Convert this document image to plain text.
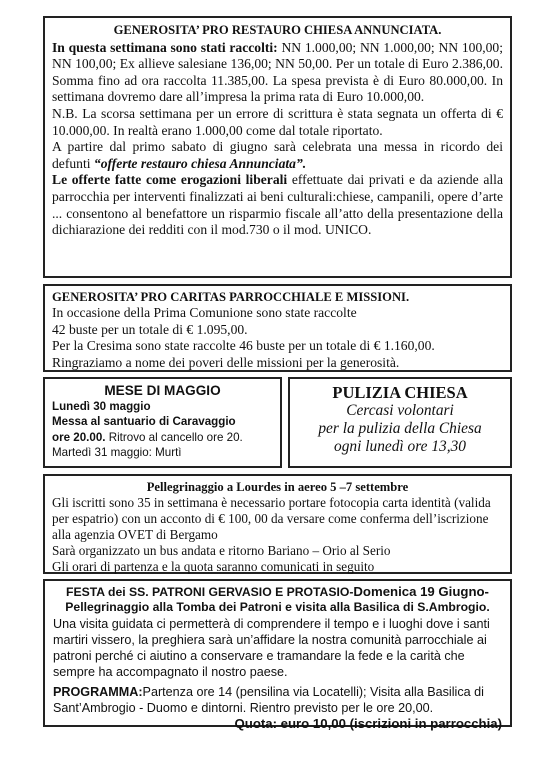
GENEROSITA’ PRO RESTAURO CHIESA ANNUNCIATA.

In questa settimana sono stati raccolti: NN 1.000,00; NN 1.000,00; NN 100,00; NN 100,00; Ex allieve salesiane 136,00; NN 50,00. Per un totale di Euro 2.386,00. Somma fino ad ora raccolta 11.385,00. La spesa prevista è di Euro 80.000,00. In settimana dovremo dare all’impresa la prima rata di Euro 10.000,00.

N.B. La scorsa settimana per un errore di scrittura è stata segnata un offerta di € 10.000,00. In realtà erano 1.000,00 come dal totale riportato.

A partire dal primo sabato di giugno sarà celebrata una messa in ricordo dei defunti “offerte restauro chiesa Annunciata”.

Le offerte fatte come erogazioni liberali effettuate dai privati e da aziende alla parrocchia per interventi finalizzati ai beni culturali:chiese, campanili, opere d’arte ... consentono al benefattore un risparmio fiscale all’atto della presentazione della dichiarazione dei redditi con il mod.730 o il mod. UNICO.

GENEROSITA’ PRO CARITAS PARROCCHIALE E MISSIONI.

In occasione della Prima Comunione sono state raccolte

42 buste per un totale di € 1.095,00.

Per la Cresima sono state raccolte 46 buste per un totale di € 1.160,00.

Ringraziamo a nome dei poveri delle missioni per la generosità.

MESE DI MAGGIO

Lunedì 30 maggio

Messa al santuario di Caravaggio

ore 20.00. Ritrovo al cancello ore 20.

Martedì 31 maggio: Murtì

PULIZIA CHIESA

Cercasi volontari

per la pulizia della Chiesa

ogni lunedì ore 13,30

Pellegrinaggio a Lourdes in aereo 5 –7 settembre

Gli iscritti sono 35 in settimana è necessario portare fotocopia carta identità (valida per espatrio) con un acconto di € 100, 00 da versare come conferma dell’iscrizione alla agenzia OVET di Bergamo

Sarà organizzato un bus andata e ritorno Bariano – Orio al Serio

Gli orari di partenza e la quota saranno comunicati in seguito

FESTA dei SS. PATRONI GERVASIO E PROTASIO-Domenica 19 Giugno-

Pellegrinaggio alla Tomba dei Patroni e visita alla Basilica di S.Ambrogio.

Una visita guidata ci permetterà di comprendere il tempo e i luoghi dove i santi martiri vissero, la preghiera sarà un’affidare la nostra comunità parrocchiale ai patroni perché ci aiutino a conservare e tramandare la fede e la carità che sempre ha accompagnato il nostro paese.

PROGRAMMA:Partenza ore 14 (pensilina via Locatelli); Visita alla Basilica di Sant’Ambrogio - Duomo e dintorni. Rientro previsto per le ore 20,00.

Quota: euro 10,00 (iscrizioni in parrocchia)
